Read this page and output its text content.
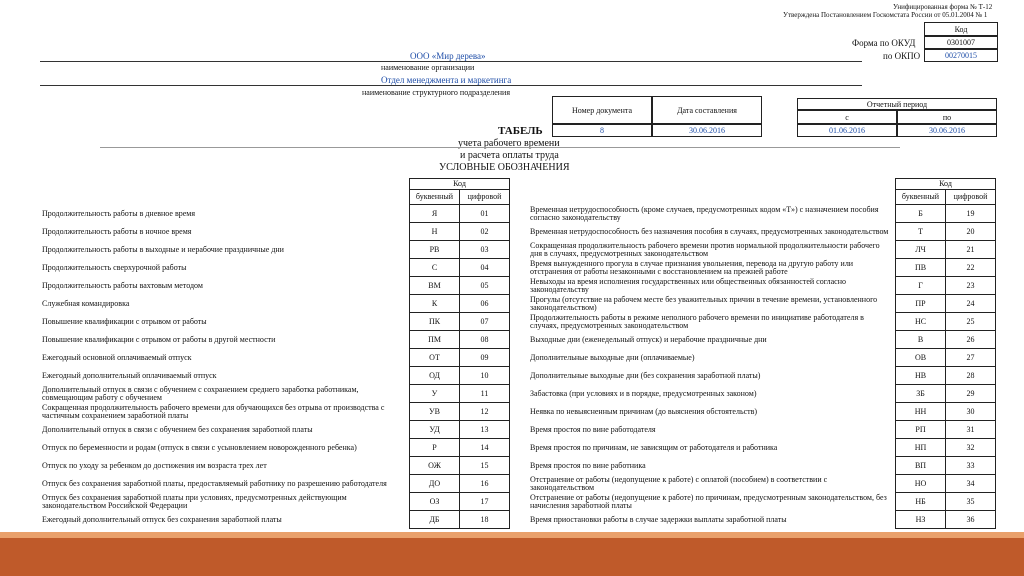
Унифицированная форма № Т-12
Утверждена Постановлением Госкомстата России от 05.01.2004 № 1
Код
Форма по ОКУД	0301007
по ОКПО	00270015
ООО «Мир дерева»
наименование организации
Отдел менеджмента и маркетинга
наименование структурного подразделения
Номер документа	Дата составления
Отчетный период
с	по
ТАБЕЛЬ	8	30.06.2016	01.06.2016	30.06.2016
учета рабочего времени
и расчета оплаты труда
УСЛОВНЫЕ ОБОЗНАЧЕНИЯ
	Код	
	буквенный	цифровой
Продолжительность работы в дневное время	Я	01
Продолжительность работы в ночное время	Н	02
Продолжительность работы в выходные и нерабочие праздничные дни	РВ	03
Продолжительность сверхурочной работы	С	04
Продолжительность работы вахтовым методом	ВМ	05
Служебная командировка	К	06
Повышение квалификации с отрывом от работы	ПК	07
Повышение квалификации с отрывом от работы в другой местности	ПМ	08
Ежегодный основной оплачиваемый отпуск	ОТ	09
Ежегодный дополнительный оплачиваемый отпуск	ОД	10
Дополнительный отпуск в связи с обучением с сохранением среднего заработка работникам, совмещающим работу с обучением	У	11
Сокращенная продолжительность рабочего времени для обучающихся без отрыва от производства с частичным сохранением заработной платы	УВ	12
Дополнительный отпуск в связи с обучением без сохранения заработной платы	УД	13
Отпуск по беременности и родам (отпуск в связи с усыновлением новорожденного ребенка)	Р	14
Отпуск по уходу за ребенком до достижения им возраста трех лет	ОЖ	15
Отпуск без сохранения заработной платы, предоставляемый работнику по разрешению работодателя	ДО	16
Отпуск без сохранения заработной платы при условиях, предусмотренных действующим законодательством Российской Федерации	ОЗ	17
Ежегодный дополнительный отпуск без сохранения заработной платы	ДБ	18
	Код	
	буквенный	цифровой
Временная нетрудоспособность (кроме случаев, предусмотренных кодом «Т») с назначением пособия согласно законодательству	Б	19
Временная нетрудоспособность без назначения пособия в случаях, предусмотренных законодательством	Т	20
Сокращенная продолжительность рабочего времени против нормальной продолжительности рабочего дня в случаях, предусмотренных законодательством	ЛЧ	21
Время вынужденного прогула в случае признания увольнения, перевода на другую работу или отстранения от работы незаконными с восстановлением на прежней работе	ПВ	22
Невыходы на время исполнения государственных или общественных обязанностей согласно законодательству	Г	23
Прогулы (отсутствие на рабочем месте без уважительных причин в течение времени, установленного законодательством)	ПР	24
Продолжительность работы в режиме неполного рабочего времени по инициативе работодателя в случаях, предусмотренных законодательством	НС	25
Выходные дни (еженедельный отпуск) и нерабочие праздничные дни	В	26
Дополнительные выходные дни (оплачиваемые)	ОВ	27
Дополнительные выходные дни (без сохранения заработной платы)	НВ	28
Забастовка (при условиях и в порядке, предусмотренных законом)	ЗБ	29
Неявка по невыясненным причинам (до выяснения обстоятельств)	НН	30
Время простоя по вине работодателя	РП	31
Время простоя по причинам, не зависящим от работодателя и работника	НП	32
Время простоя по вине работника	ВП	33
Отстранение от работы (недопущение к работе) с оплатой (пособием) в соответствии с законодательством	НО	34
Отстранение от работы (недопущение к работе) по причинам, предусмотренным законодательством, без начисления заработной платы	НБ	35
Время приостановки работы в случае задержки выплаты заработной платы	НЗ	36
